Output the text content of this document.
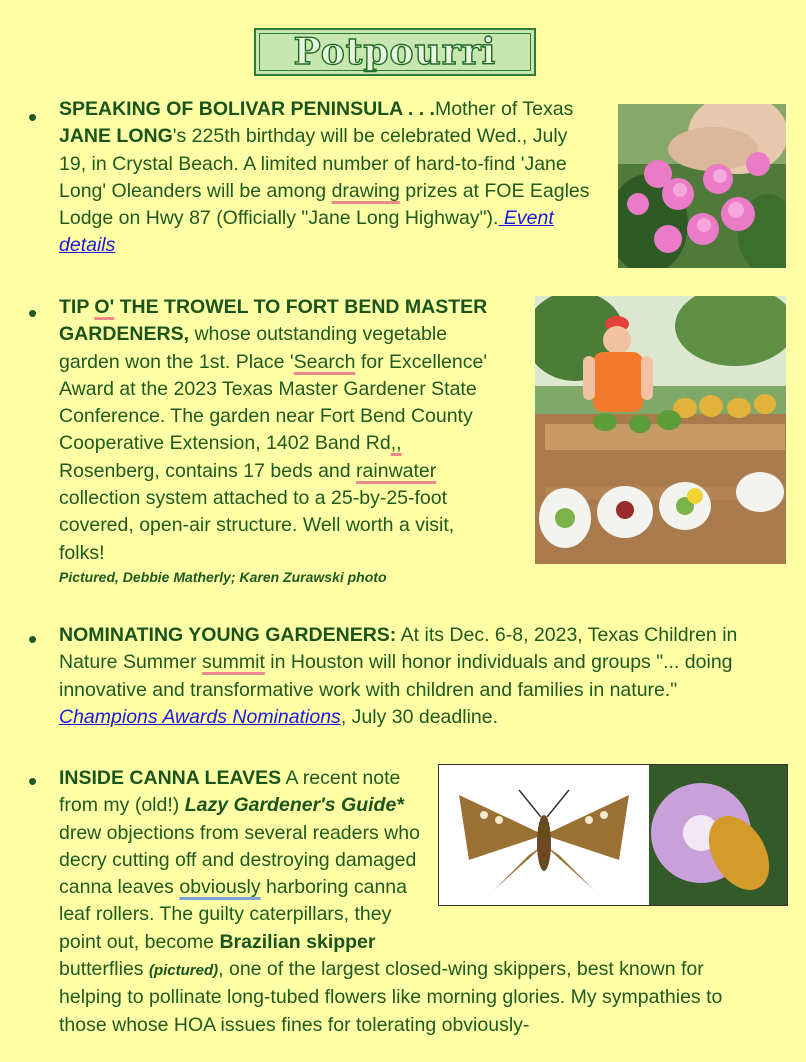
Potpourri
• SPEAKING OF BOLIVAR PENINSULA . . .Mother of Texas JANE LONG's 225th birthday will be celebrated Wed., July 19, in Crystal Beach. A limited number of hard-to-find 'Jane Long' Oleanders will be among drawing prizes at FOE Eagles Lodge on Hwy 87 (Officially "Jane Long Highway"). Event details
• TIP O' THE TROWEL TO FORT BEND MASTER GARDENERS, whose outstanding vegetable garden won the 1st. Place 'Search for Excellence' Award at the 2023 Texas Master Gardener State Conference. The garden near Fort Bend County Cooperative Extension, 1402 Band Rd,, Rosenberg, contains 17 beds and rainwater collection system attached to a 25-by-25-foot covered, open-air structure. Well worth a visit, folks!
Pictured, Debbie Matherly; Karen Zurawski photo
• NOMINATING YOUNG GARDENERS: At its Dec. 6-8, 2023, Texas Children in Nature Summer summit in Houston will honor individuals and groups "... doing innovative and transformative work with children and families in nature." Champions Awards Nominations, July 30 deadline.
• INSIDE CANNA LEAVES A recent note from my (old!) Lazy Gardener's Guide* drew objections from several readers who decry cutting off and destroying damaged canna leaves obviously harboring canna leaf rollers. The guilty caterpillars, they point out, become Brazilian skipper butterflies (pictured), one of the largest closed-wing skippers, best known for helping to pollinate long-tubed flowers like morning glories. My sympathies to those whose HOA issues fines for tolerating obviously-
